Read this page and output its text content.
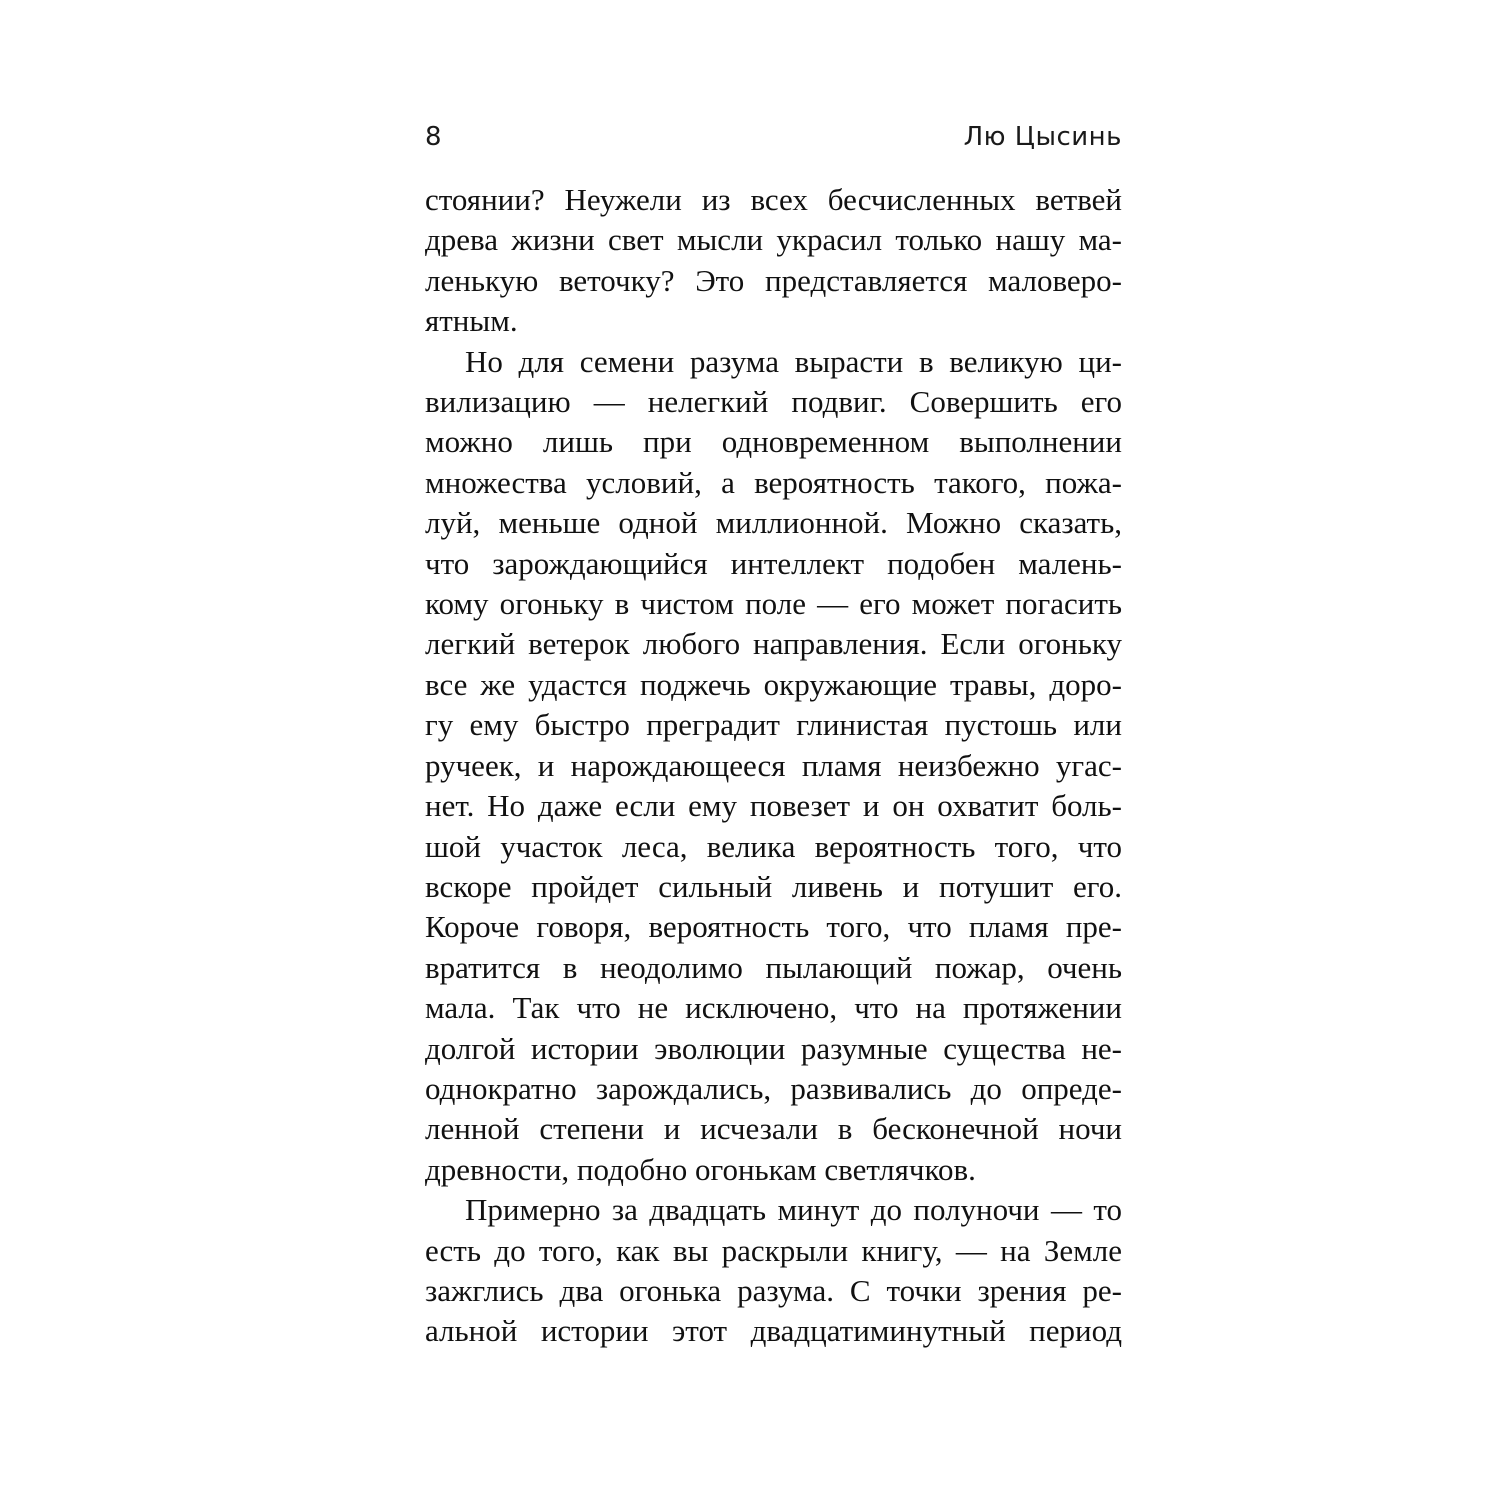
8	Лю Цысинь
стоянии? Неужели из всех бесчисленных ветвей
древа жизни свет мысли украсил только нашу ма-
ленькую веточку? Это представляется маловеро-
ятным.
Но для семени разума вырасти в великую ци-
вилизацию — нелегкий подвиг. Совершить его
можно лишь при одновременном выполнении
множества условий, а вероятность такого, пожа-
луй, меньше одной миллионной. Можно сказать,
что зарождающийся интеллект подобен малень-
кому огоньку в чистом поле — его может погасить
легкий ветерок любого направления. Если огоньку
все же удастся поджечь окружающие травы, доро-
гу ему быстро преградит глинистая пустошь или
ручеек, и нарождающееся пламя неизбежно угас-
нет. Но даже если ему повезет и он охватит боль-
шой участок леса, велика вероятность того, что
вскоре пройдет сильный ливень и потушит его.
Короче говоря, вероятность того, что пламя пре-
вратится в неодолимо пылающий пожар, очень
мала. Так что не исключено, что на протяжении
долгой истории эволюции разумные существа не-
однократно зарождались, развивались до опреде-
ленной степени и исчезали в бесконечной ночи
древности, подобно огонькам светлячков.
Примерно за двадцать минут до полуночи — то
есть до того, как вы раскрыли книгу, — на Земле
зажглись два огонька разума. С точки зрения ре-
альной истории этот двадцатиминутный период
